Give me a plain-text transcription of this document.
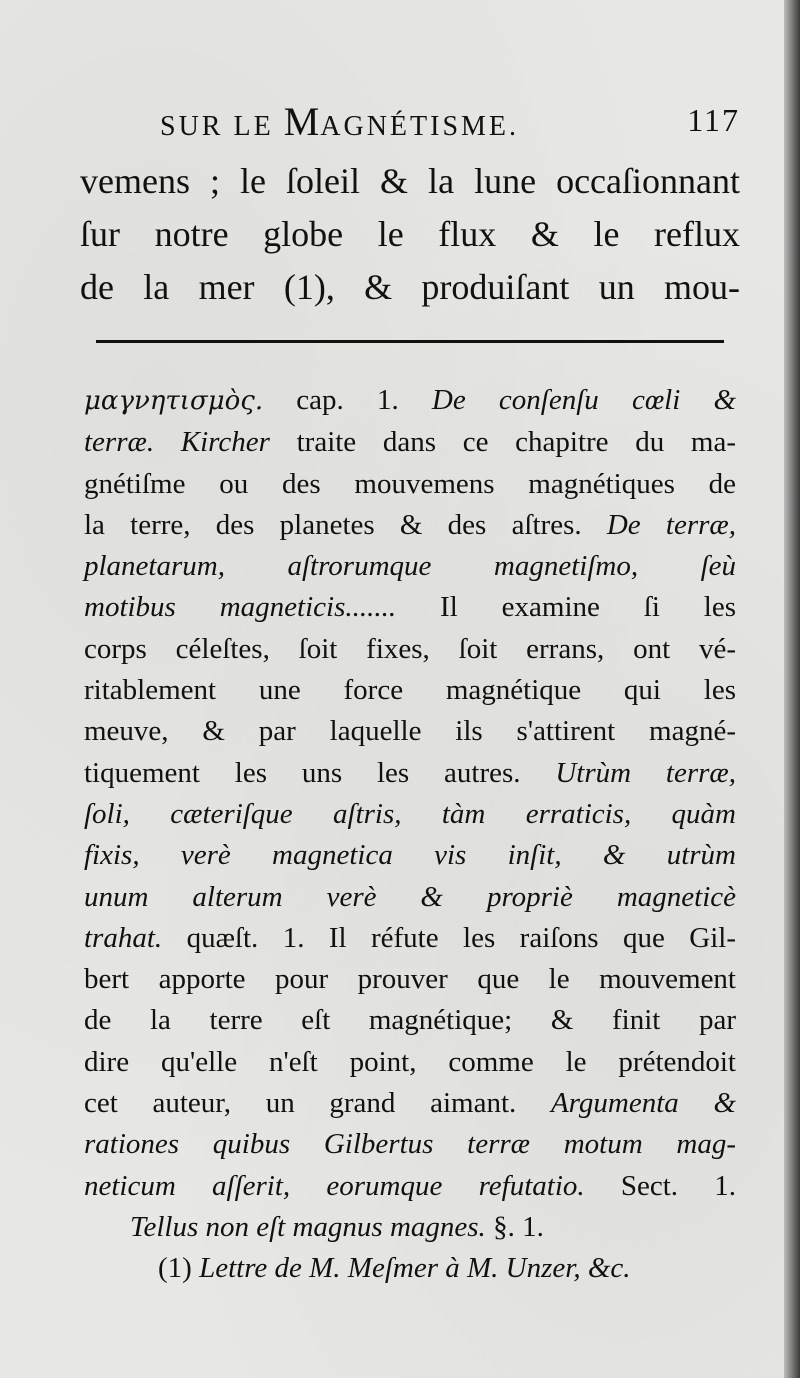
SUR LE MAGNÉTISME.	117
vemens ; le ſoleil & la lune occaſionnant
ſur notre globe le flux & le reflux
de la mer (1), & produiſant un mou-
μαγνητισμὸς. cap. 1. De conſenſu cœli &
terræ. Kircher traite dans ce chapitre du ma-
gnétiſme ou des mouvemens magnétiques de
la terre, des planetes & des aſtres. De terræ,
planetarum, aſtrorumque magnetiſmo, ſeù
motibus magneticis....... Il examine ſi les
corps céleſtes, ſoit fixes, ſoit errans, ont vé-
ritablement une force magnétique qui les
meuve, & par laquelle ils s'attirent magné-
tiquement les uns les autres. Utrùm terræ,
ſoli, cæteriſque aſtris, tàm erraticis, quàm
fixis, verè magnetica vis inſit, & utrùm
unum alterum verè & propriè magneticè
trahat. quæſt. 1. Il réfute les raiſons que Gil-
bert apporte pour prouver que le mouvement
de la terre eſt magnétique; & finit par
dire qu'elle n'eſt point, comme le prétendoit
cet auteur, un grand aimant. Argumenta &
rationes quibus Gilbertus terræ motum mag-
neticum aſſerit, eorumque refutatio. Sect. 1.
Tellus non eſt magnus magnes. §. 1.
(1) Lettre de M. Meſmer à M. Unzer, &c.
